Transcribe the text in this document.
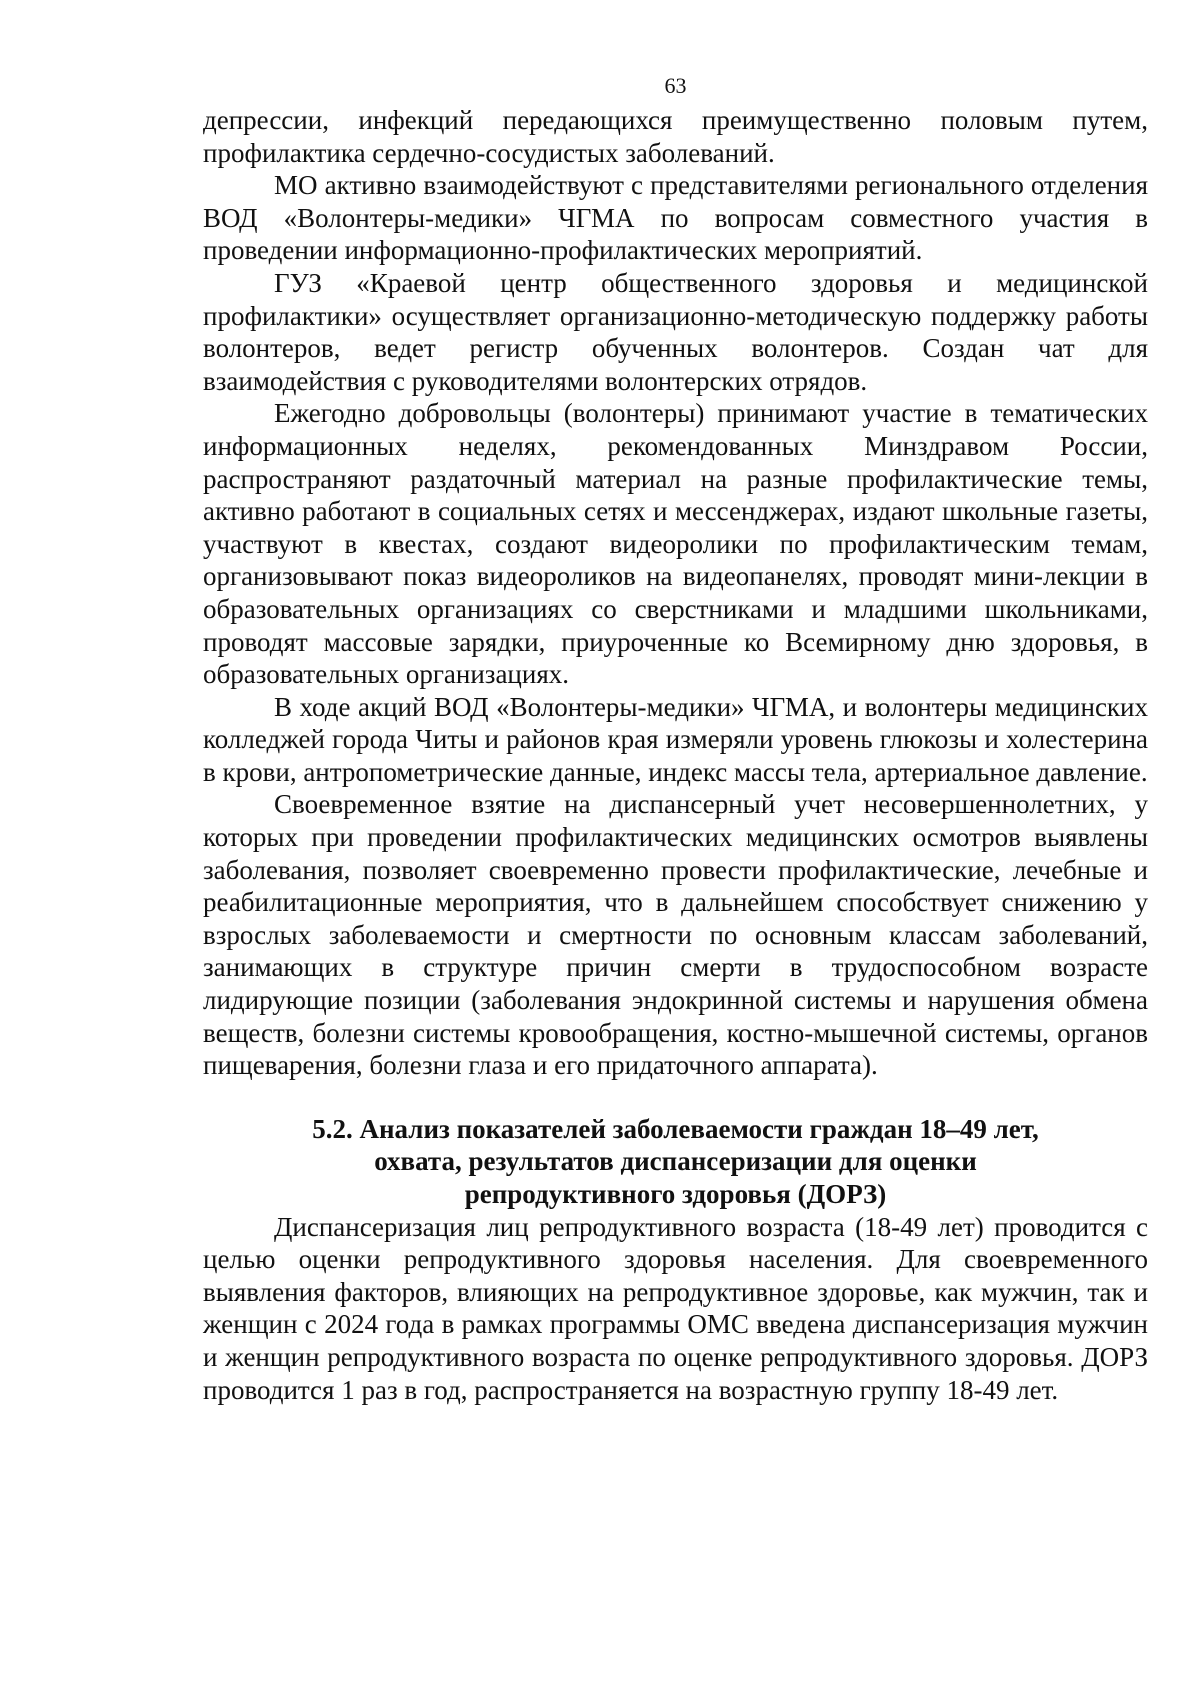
63

депрессии, инфекций передающихся преимущественно половым путем, профилактика сердечно-сосудистых заболеваний.

МО активно взаимодействуют с представителями регионального отделения ВОД «Волонтеры-медики» ЧГМА по вопросам совместного участия в проведении информационно-профилактических мероприятий.

ГУЗ «Краевой центр общественного здоровья и медицинской профилактики» осуществляет организационно-методическую поддержку работы волонтеров, ведет регистр обученных волонтеров. Создан чат для взаимодействия с руководителями волонтерских отрядов.

Ежегодно добровольцы (волонтеры) принимают участие в тематических информационных неделях, рекомендованных Минздравом России, распространяют раздаточный материал на разные профилактические темы, активно работают в социальных сетях и мессенджерах, издают школьные газеты, участвуют в квестах, создают видеоролики по профилактическим темам, организовывают показ видеороликов на видеопанелях, проводят мини-лекции в образовательных организациях со сверстниками и младшими школьниками, проводят массовые зарядки, приуроченные ко Всемирному дню здоровья, в образовательных организациях.

В ходе акций ВОД «Волонтеры-медики» ЧГМА, и волонтеры медицинских колледжей города Читы и районов края измеряли уровень глюкозы и холестерина в крови, антропометрические данные, индекс массы тела, артериальное давление.

Своевременное взятие на диспансерный учет несовершеннолетних, у которых при проведении профилактических медицинских осмотров выявлены заболевания, позволяет своевременно провести профилактические, лечебные и реабилитационные мероприятия, что в дальнейшем способствует снижению у взрослых заболеваемости и смертности по основным классам заболеваний, занимающих в структуре причин смерти в трудоспособном возрасте лидирующие позиции (заболевания эндокринной системы и нарушения обмена веществ, болезни системы кровообращения, костно-мышечной системы, органов пищеварения, болезни глаза и его придаточного аппарата).

5.2. Анализ показателей заболеваемости граждан 18–49 лет,
охвата, результатов диспансеризации для оценки
репродуктивного здоровья (ДОРЗ)

Диспансеризация лиц репродуктивного возраста (18-49 лет) проводится с целью оценки репродуктивного здоровья населения. Для своевременного выявления факторов, влияющих на репродуктивное здоровье, как мужчин, так и женщин с 2024 года в рамках программы ОМС введена диспансеризация мужчин и женщин репродуктивного возраста по оценке репродуктивного здоровья. ДОРЗ проводится 1 раз в год, распространяется на возрастную группу 18-49 лет.
